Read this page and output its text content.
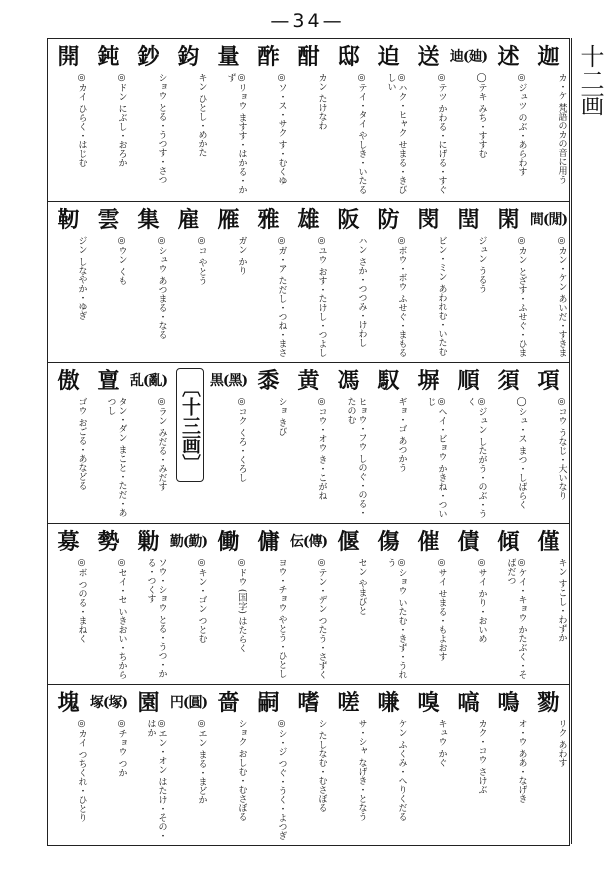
—34—
十二画
迦
カ・ケ 梵語のカの音に用う
述
◎ジュツ のぶ・あらわす
迪(廸)
◯テキ みち・すすむ
送
◎テツ かわる・にげる・すぐ
迫
◎ハク・ヒャク せまる・きびしい
邸
◎テイ・タイ やしき・いたる
酣
カン たけなわ
酢
◎ソ・ス・サク す・むくゆ
量
◎リョウ ますす・はかる・かず
鈞
キン ひとし・めかた
鈔
ショウ とる・うつす・さつ
鈍
◎ドン にぶし・おろか
開
◎カイ ひらく・はじむ
間(閒)
◎カン・ケン あいだ・すきま
閑
◎カン とざす・ふせぐ・ひま
閏
ジュン うるう
閔
ビン・ミン あわれむ・いたむ
防
◎ボウ・ボウ ふせぐ・まもる
阪
ハン さか・つつみ・けわし
雄
◎ユウ おす・たけし・つよし
雅
◎ガ・ア ただし・つね・まさ
雁
ガン かり
雇
◎コ やとう
集
◎シュウ あつまる・なる
雲
◎ウン くも
靭
ジン しなやか・ゆぎ
〔十三画〕	項
◎コウ うなじ・大いなり
須
◯シュ・ス まつ・しばらく
順
◎ジュン したがう・のぶ・うく
塀
◎ヘイ・ビョウ かきね・ついじ
馭
ギョ・ゴ あつかう
馮
ヒョウ・フウ しのぐ・のる・たのむ
黄
◎コウ・オウ き・こがね
黍
ショ きび
黒(黑)
◎コク くろ・くろし
乱(亂)
◎ラン みだる・みだす
亶
タン・ダン まこと・ただ・あつし
傲
ゴウ おごる・あなどる
僅
キン すこし・わずか
傾
◎ケイ・キョウ かたぶく・そばだつ
債
◎サイ かり・おいめ
催
◎サイ せまる・もよおす
傷
◎ショウ いたむ・きず・うれう
偃
セン やまびと
伝(傳)
◎テン・デン つたう・さずく
傭
ヨウ・チョウ やとう・ひとし
働
◎ドウ (国字) はたらく
勤(勤)
◎キン・ゴン つとむ
勦
ソウ・ショウ とる・うつ・かる・つくす
勢
◎セイ・セ いきおい・ちから
募
◎ボ つのる・まねく
勠
リク あわす
鳴
オ・ウ ああ・なげき
嗃
カク・コウ さけぶ
嗅
キュウ かぐ
嗛
ケン ふくみ・へりくだる
嗟
サ・シャ なげき・となう
嗜
シ たしなむ・むさぼる
嗣
◎シ・ジ つぐ・うく・よつぎ
嗇
ショク おしむ・むさぼる
円(圓)
◎エン まる・まどか
園
◎エン・オン はたけ・その・はか
塚(塚)
◎チョウ つか
塊
◎カイ つちくれ・ひとり
